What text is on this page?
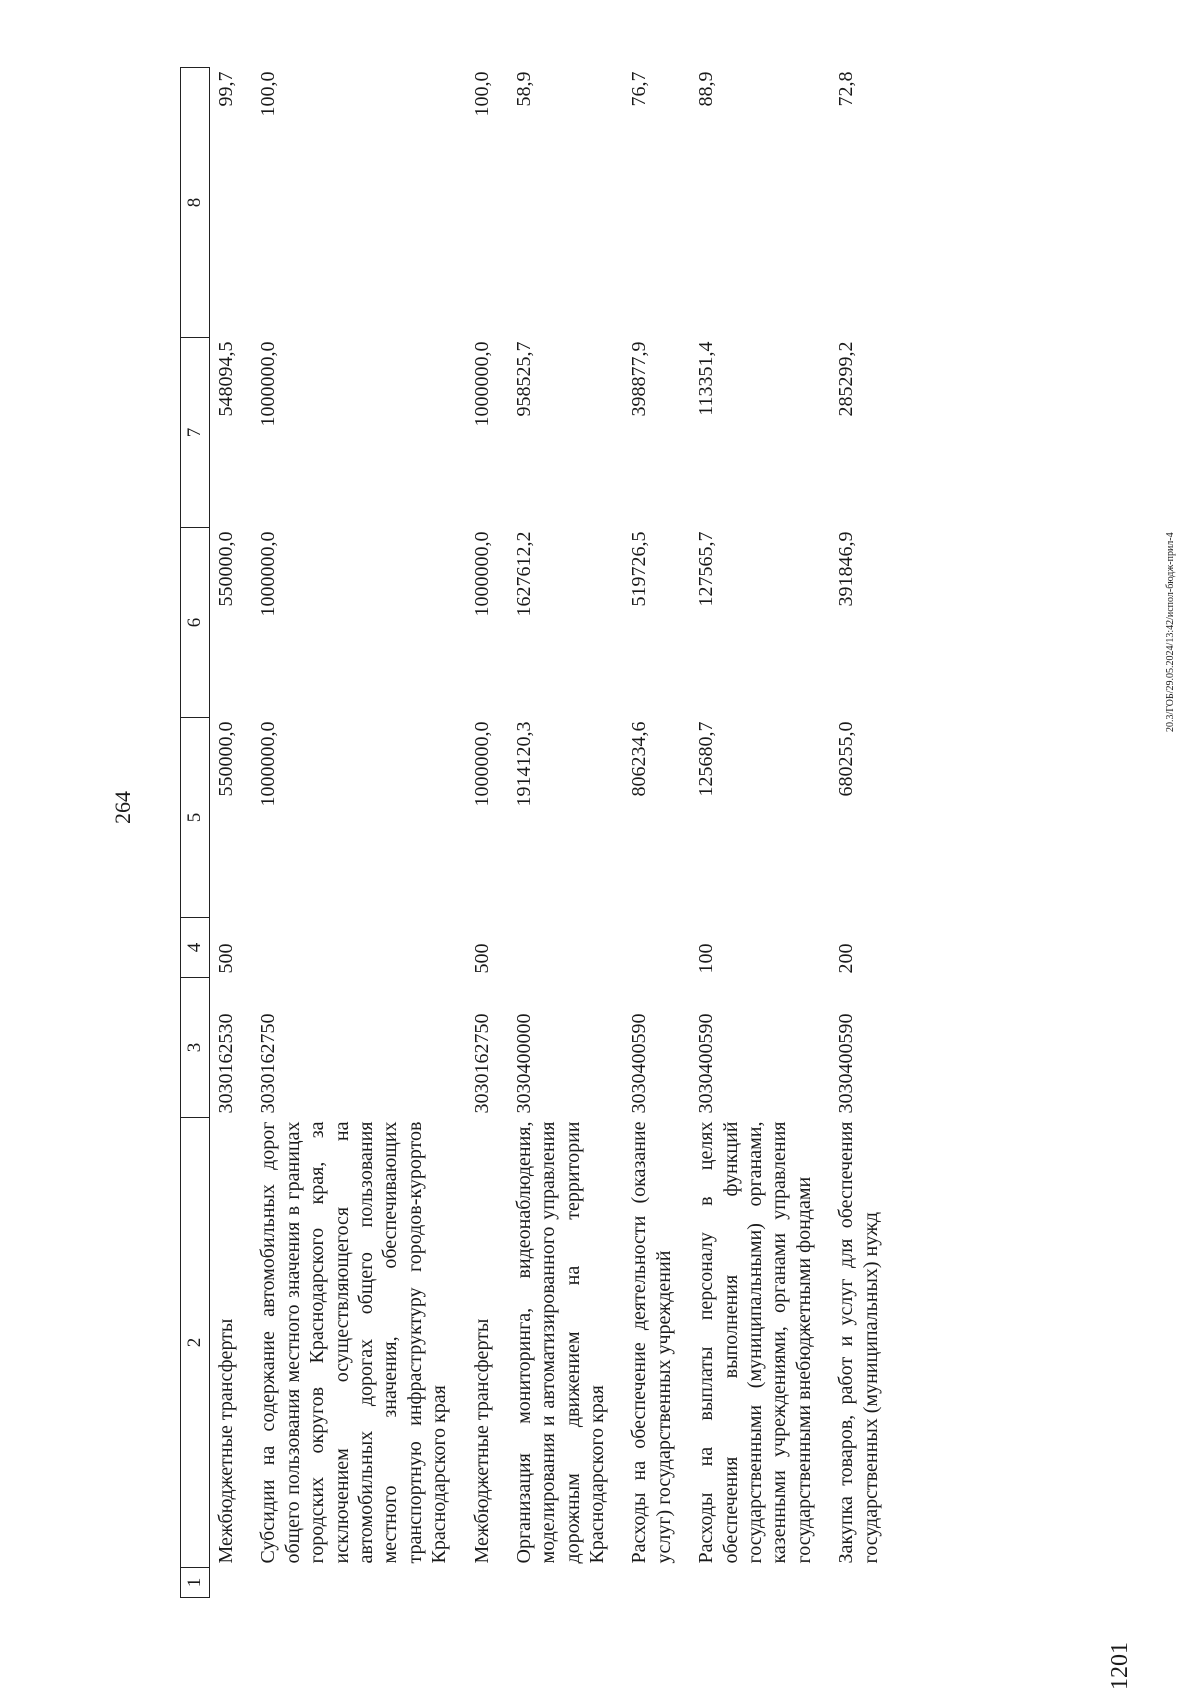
264
1201
20.3/ГОБ/29.05.2024/13:42/испол-бюдж-прил-4
1	2	3	4	5	6	7	8
	Межбюджетные трансферты	3030162530	500	550000,0	550000,0	548094,5	99,7
	Субсидии на содержание автомобильных дорог общего пользования местного значения в границах городских округов Краснодарского края, за исключением осуществляющегося на автомобильных дорогах общего пользования местного значения, обеспечивающих транспортную инфраструктуру городов-курортов Краснодарского края	3030162750		1000000,0	1000000,0	1000000,0	100,0
	Межбюджетные трансферты	3030162750	500	1000000,0	1000000,0	1000000,0	100,0
	Организация мониторинга, видеонаблюдения, моделирования и автоматизированного управления дорожным движением на территории Краснодарского края	3030400000		1914120,3	1627612,2	958525,7	58,9
	Расходы на обеспечение деятельности (оказание услуг) государственных учреждений	3030400590		806234,6	519726,5	398877,9	76,7
	Расходы на выплаты персоналу в целях обеспечения выполнения функций государственными (муниципальными) органами, казенными учреждениями, органами управления государственными внебюджетными фондами	3030400590	100	125680,7	127565,7	113351,4	88,9
	Закупка товаров, работ и услуг для обеспечения государственных (муниципальных) нужд	3030400590	200	680255,0	391846,9	285299,2	72,8
